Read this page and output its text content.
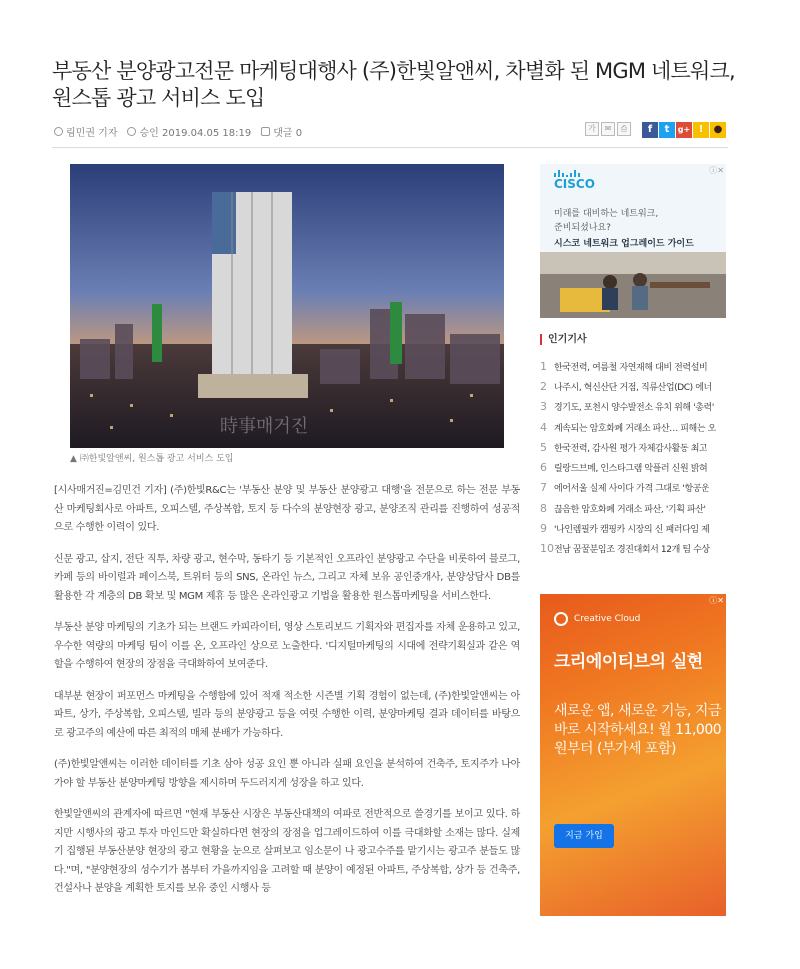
부동산 분양광고전문 마케팅대행사 (주)한빛알앤씨, 차별화 된 MGM 네트워크, 원스톱 광고 서비스 도입
림민권 기자 승인 2019.04.05 18:19 댓글 0	가	✉	⎙	f	t	g+ !	●
時事매거진
▲ ㈜한빛알앤씨, 원스톱 광고 서비스 도입

[시사매거진=김민건 기자] (주)한빛R&C는 '부동산 분양 및 부동산 분양광고 대행'을 전문으로 하는 전문 부동산 마케팅회사로 아파트, 오피스텔, 주상복합, 토지 등 다수의 분양현장 광고, 분양조직 관리를 진행하여 성공적으로 수행한 이력이 있다.

신문 광고, 삽지, 전단 직투, 차량 광고, 현수막, 동타기 등 기본적인 오프라인 분양광고 수단을 비롯하여 블로그, 카페 등의 바이럴과 페이스북, 트위터 등의 SNS, 온라인 뉴스, 그리고 자체 보유 공인중개사, 분양상담사 DB를 활용한 각 계층의 DB 확보 및 MGM 제휴 등 많은 온라인광고 기법을 활용한 원스톱마케팅을 서비스한다.

부동산 분양 마케팅의 기초가 되는 브랜드 카피라이터, 영상 스토리보드 기획자와 편집자를 자체 운용하고 있고, 우수한 역량의 마케팅 팀이 이를 온, 오프라인 상으로 노출한다. '디지털마케팅의 시대에 전략기획실과 같은 역할을 수행하여 현장의 장점을 극대화하여 보여준다.

대부분 현장이 퍼포먼스 마케팅을 수행함에 있어 적재 적소한 시즌별 기획 경험이 없는데, (주)한빛알앤씨는 아파트, 상가, 주상복합, 오피스텔, 빌라 등의 분양광고 등을 여럿 수행한 이력, 분양마케팅 결과 데이터를 바탕으로 광고주의 예산에 따른 최적의 매체 분배가 가능하다.

(주)한빛알앤씨는 이러한 데이터를 기초 삼아 성공 요인 뿐 아니라 실패 요인을 분석하여 건축주, 토지주가 나아가야 할 부동산 분양마케팅 방향을 제시하며 두드러지게 성장을 하고 있다.

한빛알앤씨의 관계자에 따르면 "현재 부동산 시장은 부동산대책의 여파로 전반적으로 쓸경기를 보이고 있다. 하지만 시행사의 광고 투자 마인드만 확실하다면 현장의 장점을 업그레이드하여 이를 극대화할 소재는 많다. 실제 기 집행된 부동산분양 현장의 광고 현황을 눈으로 살펴보고 임소문이 나 광고수주를 맡기시는 광고주 분들도 많다."며, "분양현장의 성수기가 봄부터 가을까지임을 고려할 때 분양이 예정된 아파트, 주상복합, 상가 등 건축주, 건설사나 분양을 계획한 토지를 보유 중인 시행사 등

ⓘ✕
CISCO
미래를 대비하는 네트워크,
준비되셨나요?
시스코 네트워크 업그레이드 가이드
인기기사
1 한국전력, 여름철 자연재해 대비 전력설비
2 나주시, 혁신산단 거점, 직류산업(DC) 에너
3 경기도, 포천시 양수발전소 유치 위해 '총력'
4 계속되는 암호화폐 거래소 파산… 피해는 오
5 한국전력, 감사원 평가 자체감사활동 최고
6 릴랑드브메, 인스타그램 악플러 신원 밝혀
7 에어서울 실제 사이다 가격 그대로 '항공운
8 끊음한 암호화폐 거래소 파산, '기획 파산'
9 '나인렘필카 캠핑카 시장의 신 패러다임 제
10 전남 꿈꿀분임조 경진대회서 12개 팀 수상
ⓘ✕
Creative Cloud
크리에이티브의 실현
새로운 앱, 새로운 기능, 지금 바로 시작하세요! 월 11,000원부터 (부가세 포함)
지금 가입
